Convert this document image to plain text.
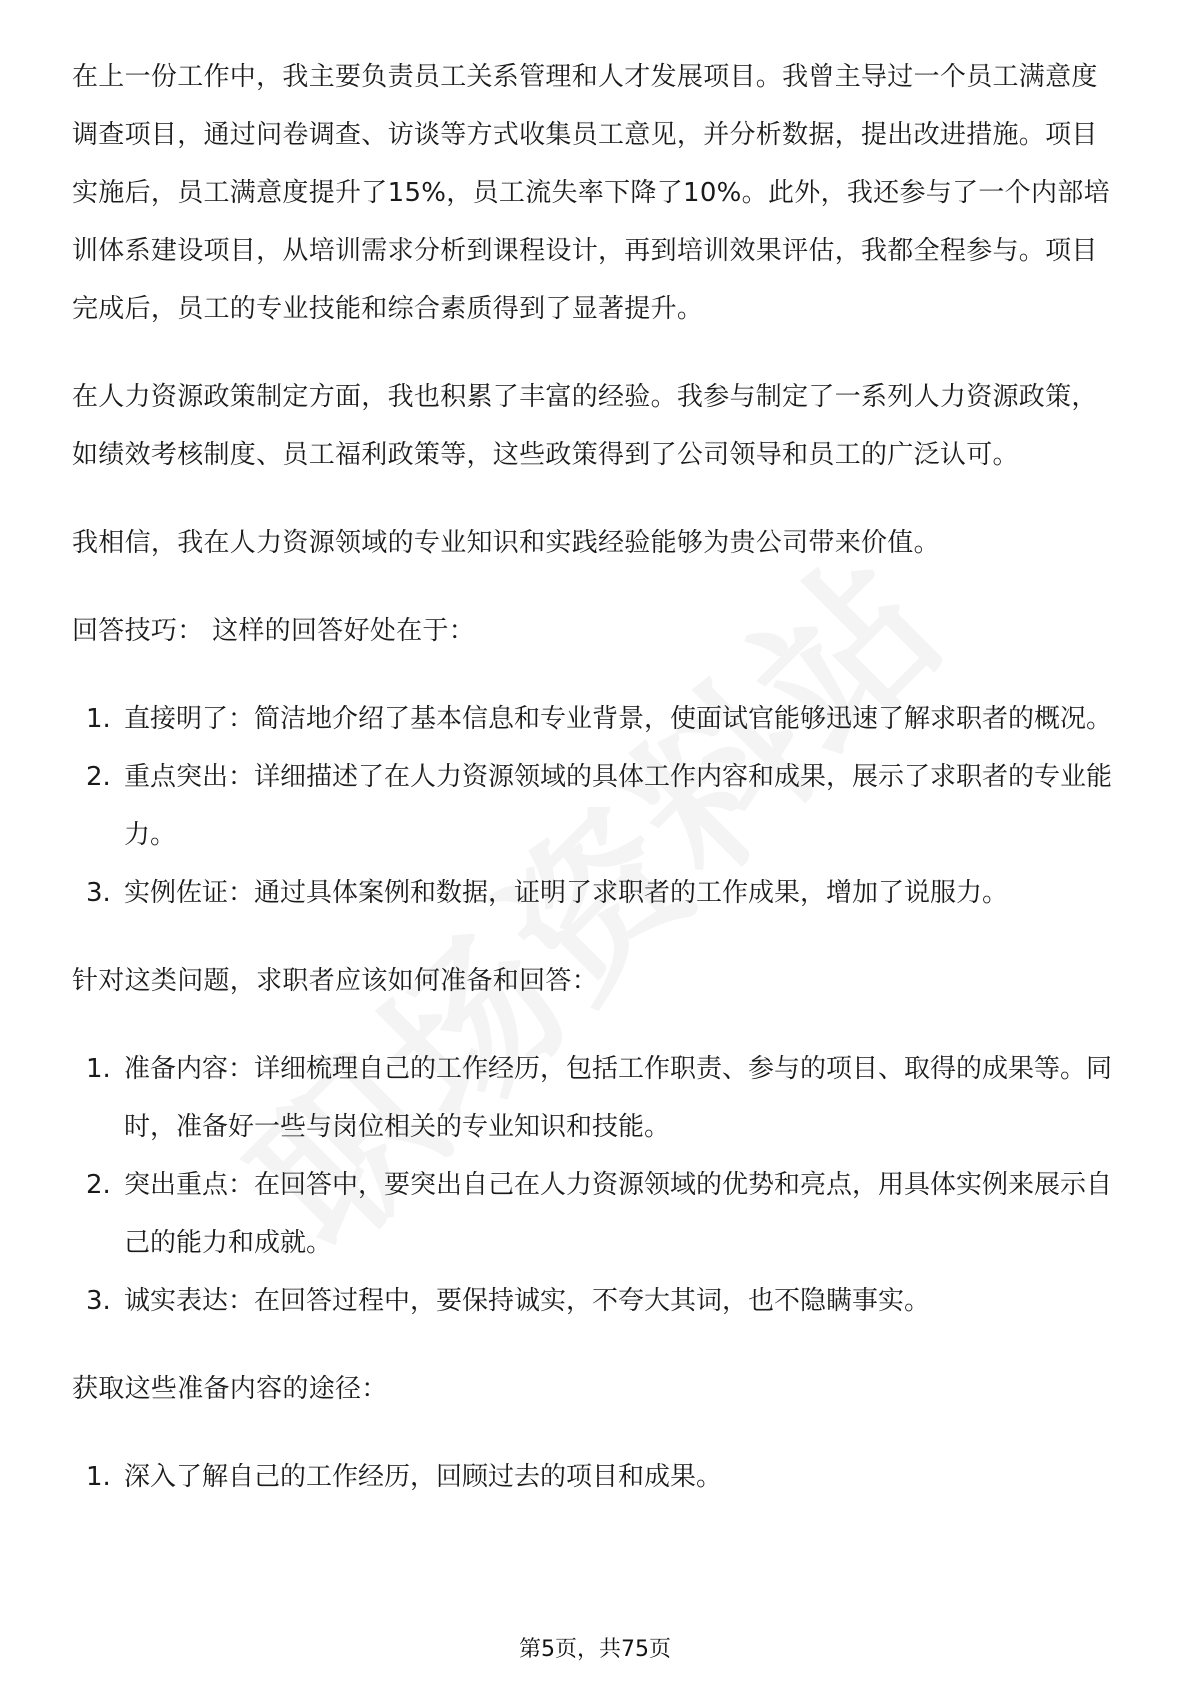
在上一份工作中，我主要负责员工关系管理和人才发展项目。我曾主导过一个员工满意度调查项目，通过问卷调查、访谈等方式收集员工意见，并分析数据，提出改进措施。项目实施后，员工满意度提升了15%，员工流失率下降了10%。此外，我还参与了一个内部培训体系建设项目，从培训需求分析到课程设计，再到培训效果评估，我都全程参与。项目完成后，员工的专业技能和综合素质得到了显著提升。

在人力资源政策制定方面，我也积累了丰富的经验。我参与制定了一系列人力资源政策，如绩效考核制度、员工福利政策等，这些政策得到了公司领导和员工的广泛认可。

我相信，我在人力资源领域的专业知识和实践经验能够为贵公司带来价值。

回答技巧： 这样的回答好处在于：

1. 直接明了：简洁地介绍了基本信息和专业背景，使面试官能够迅速了解求职者的概况。
2. 重点突出：详细描述了在人力资源领域的具体工作内容和成果，展示了求职者的专业能力。
3. 实例佐证：通过具体案例和数据，证明了求职者的工作成果，增加了说服力。

针对这类问题，求职者应该如何准备和回答：

1. 准备内容：详细梳理自己的工作经历，包括工作职责、参与的项目、取得的成果等。同时，准备好一些与岗位相关的专业知识和技能。
2. 突出重点：在回答中，要突出自己在人力资源领域的优势和亮点，用具体实例来展示自己的能力和成就。
3. 诚实表达：在回答过程中，要保持诚实，不夸大其词，也不隐瞒事实。

获取这些准备内容的途径：

1. 深入了解自己的工作经历，回顾过去的项目和成果。
第5页，共75页
